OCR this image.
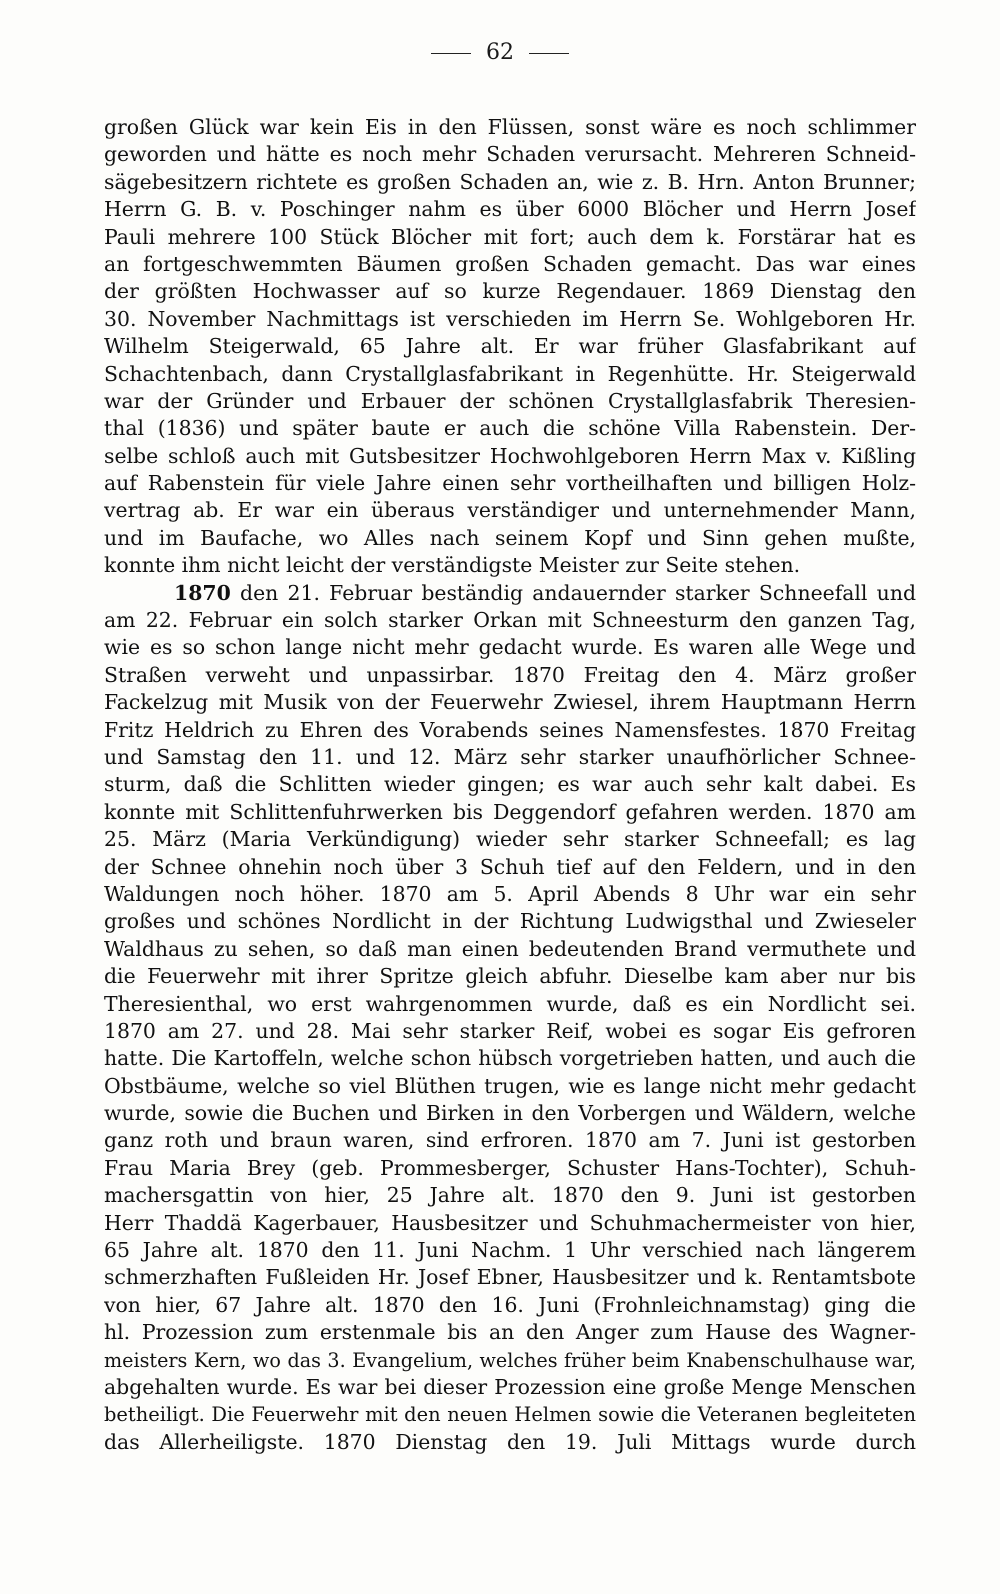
62
großen Glück war kein Eis in den Flüssen, sonst wäre es noch schlimmer
geworden und hätte es noch mehr Schaden verursacht. Mehreren Schneid-
sägebesitzern richtete es großen Schaden an, wie z. B. Hrn. Anton Brunner;
Herrn G. B. v. Poschinger nahm es über 6000 Blöcher und Herrn Josef
Pauli mehrere 100 Stück Blöcher mit fort; auch dem k. Forstärar hat es
an fortgeschwemmten Bäumen großen Schaden gemacht. Das war eines
der größten Hochwasser auf so kurze Regendauer. 1869 Dienstag den
30. November Nachmittags ist verschieden im Herrn Se. Wohlgeboren Hr.
Wilhelm Steigerwald, 65 Jahre alt. Er war früher Glasfabrikant auf
Schachtenbach, dann Crystallglasfabrikant in Regenhütte. Hr. Steigerwald
war der Gründer und Erbauer der schönen Crystallglasfabrik Theresien-
thal (1836) und später baute er auch die schöne Villa Rabenstein. Der-
selbe schloß auch mit Gutsbesitzer Hochwohlgeboren Herrn Max v. Kißling
auf Rabenstein für viele Jahre einen sehr vortheilhaften und billigen Holz-
vertrag ab. Er war ein überaus verständiger und unternehmender Mann,
und im Baufache, wo Alles nach seinem Kopf und Sinn gehen mußte,
konnte ihm nicht leicht der verständigste Meister zur Seite stehen.
1870 den 21. Februar beständig andauernder starker Schneefall und
am 22. Februar ein solch starker Orkan mit Schneesturm den ganzen Tag,
wie es so schon lange nicht mehr gedacht wurde. Es waren alle Wege und
Straßen verweht und unpassirbar. 1870 Freitag den 4. März großer
Fackelzug mit Musik von der Feuerwehr Zwiesel, ihrem Hauptmann Herrn
Fritz Heldrich zu Ehren des Vorabends seines Namensfestes. 1870 Freitag
und Samstag den 11. und 12. März sehr starker unaufhörlicher Schnee-
sturm, daß die Schlitten wieder gingen; es war auch sehr kalt dabei. Es
konnte mit Schlittenfuhrwerken bis Deggendorf gefahren werden. 1870 am
25. März (Maria Verkündigung) wieder sehr starker Schneefall; es lag
der Schnee ohnehin noch über 3 Schuh tief auf den Feldern, und in den
Waldungen noch höher. 1870 am 5. April Abends 8 Uhr war ein sehr
großes und schönes Nordlicht in der Richtung Ludwigsthal und Zwieseler
Waldhaus zu sehen, so daß man einen bedeutenden Brand vermuthete und
die Feuerwehr mit ihrer Spritze gleich abfuhr. Dieselbe kam aber nur bis
Theresienthal, wo erst wahrgenommen wurde, daß es ein Nordlicht sei.
1870 am 27. und 28. Mai sehr starker Reif, wobei es sogar Eis gefroren
hatte. Die Kartoffeln, welche schon hübsch vorgetrieben hatten, und auch die
Obstbäume, welche so viel Blüthen trugen, wie es lange nicht mehr gedacht
wurde, sowie die Buchen und Birken in den Vorbergen und Wäldern, welche
ganz roth und braun waren, sind erfroren. 1870 am 7. Juni ist gestorben
Frau Maria Brey (geb. Prommesberger, Schuster Hans-Tochter), Schuh-
machersgattin von hier, 25 Jahre alt. 1870 den 9. Juni ist gestorben
Herr Thaddä Kagerbauer, Hausbesitzer und Schuhmachermeister von hier,
65 Jahre alt. 1870 den 11. Juni Nachm. 1 Uhr verschied nach längerem
schmerzhaften Fußleiden Hr. Josef Ebner, Hausbesitzer und k. Rentamtsbote
von hier, 67 Jahre alt. 1870 den 16. Juni (Frohnleichnamstag) ging die
hl. Prozession zum erstenmale bis an den Anger zum Hause des Wagner-
meisters Kern, wo das 3. Evangelium, welches früher beim Knabenschulhause war,
abgehalten wurde. Es war bei dieser Prozession eine große Menge Menschen
betheiligt. Die Feuerwehr mit den neuen Helmen sowie die Veteranen begleiteten
das Allerheiligste. 1870 Dienstag den 19. Juli Mittags wurde durch
